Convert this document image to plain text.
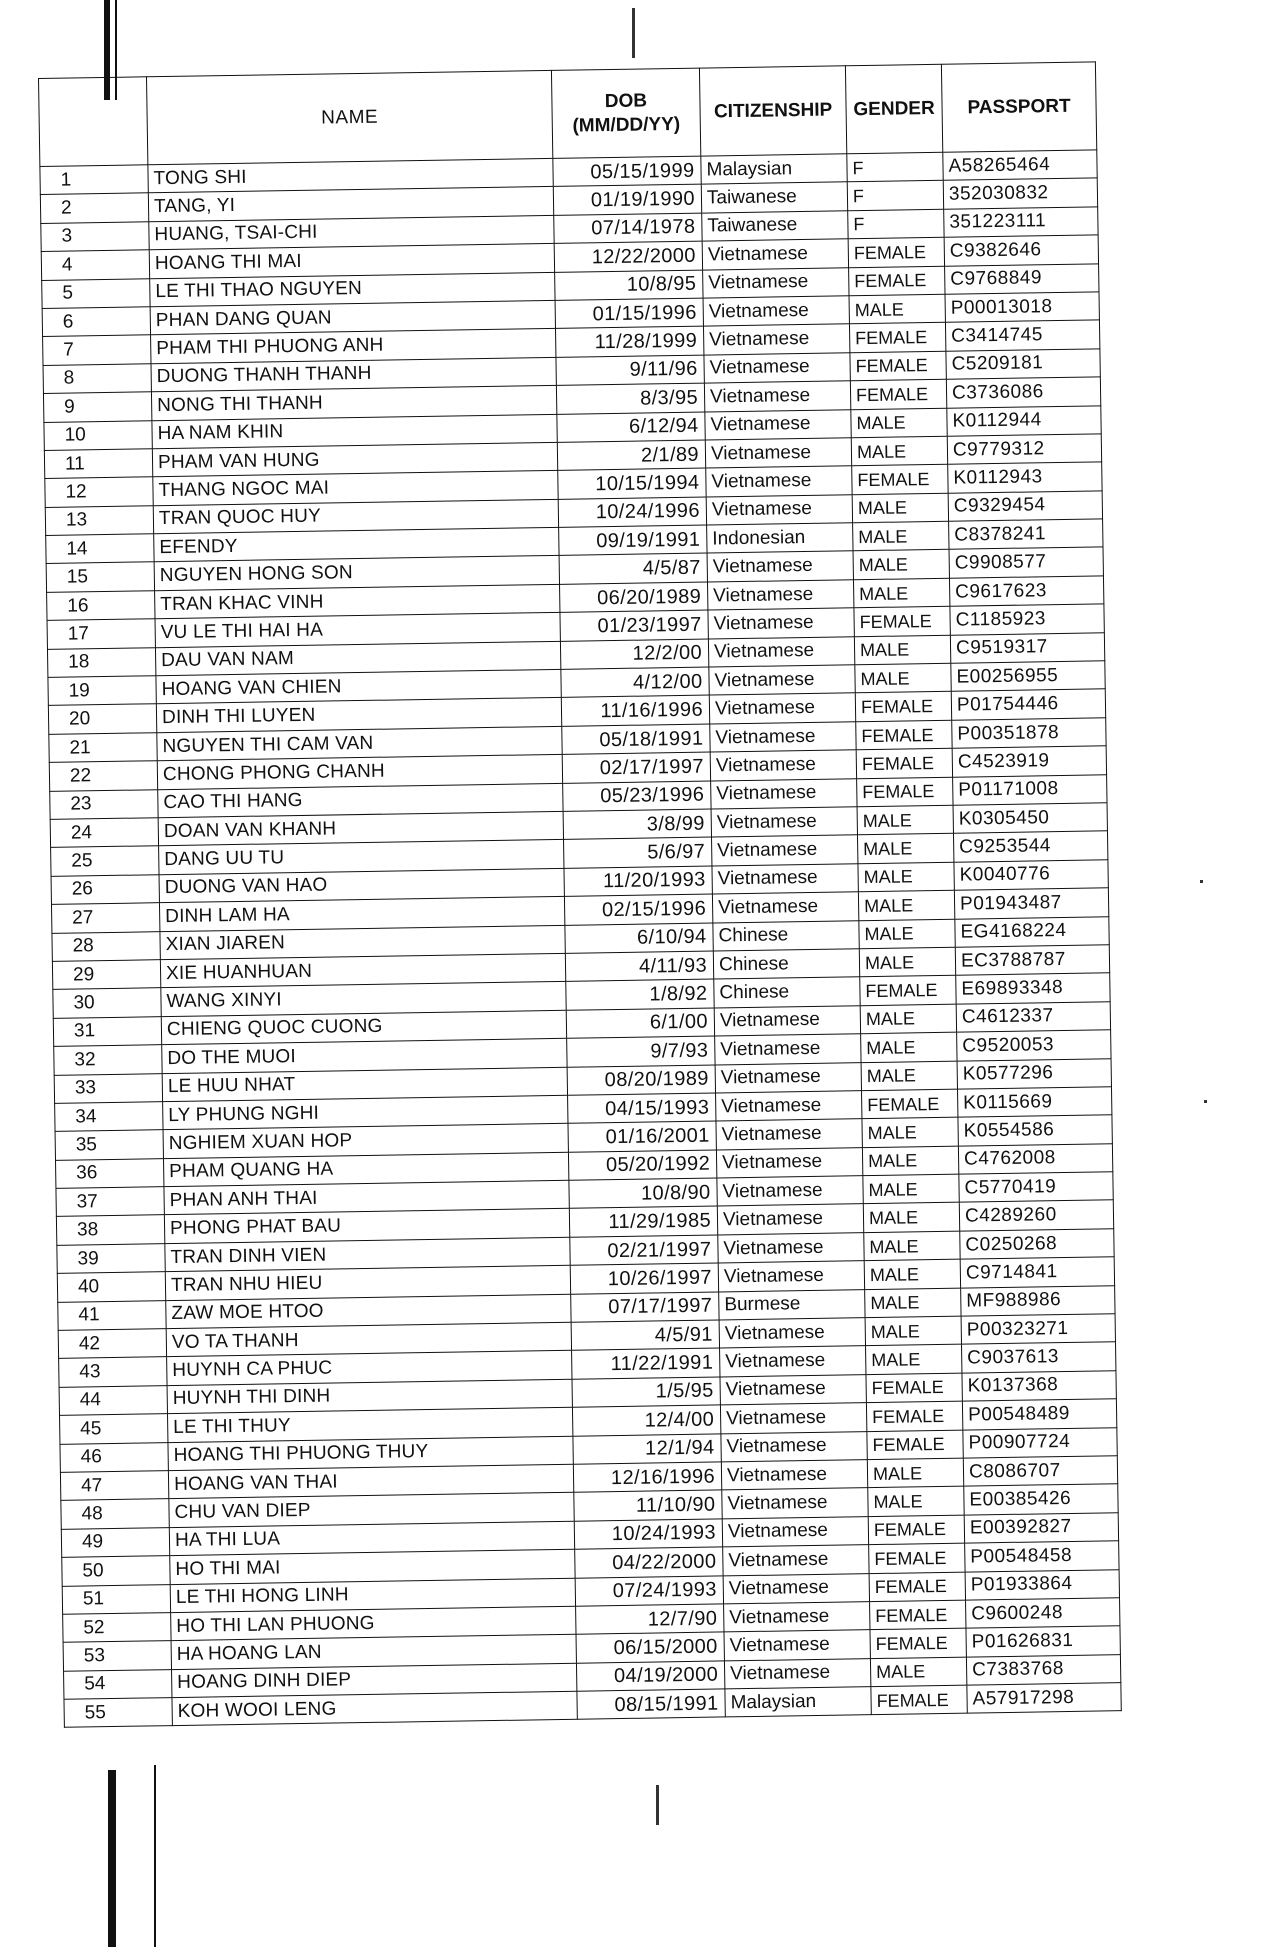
	NAME	DOB (MM/DD/YY)	CITIZENSHIP	GENDER	PASSPORT
1	TONG SHI	05/15/1999	Malaysian	F	A58265464
2	TANG, YI	01/19/1990	Taiwanese	F	352030832
3	HUANG, TSAI-CHI	07/14/1978	Taiwanese	F	351223111
4	HOANG THI MAI	12/22/2000	Vietnamese	FEMALE	C9382646
5	LE THI THAO NGUYEN	10/8/95	Vietnamese	FEMALE	C9768849
6	PHAN DANG QUAN	01/15/1996	Vietnamese	MALE	P00013018
7	PHAM THI PHUONG ANH	11/28/1999	Vietnamese	FEMALE	C3414745
8	DUONG THANH THANH	9/11/96	Vietnamese	FEMALE	C5209181
9	NONG THI THANH	8/3/95	Vietnamese	FEMALE	C3736086
10	HA NAM KHIN	6/12/94	Vietnamese	MALE	K0112944
11	PHAM VAN HUNG	2/1/89	Vietnamese	MALE	C9779312
12	THANG NGOC MAI	10/15/1994	Vietnamese	FEMALE	K0112943
13	TRAN QUOC HUY	10/24/1996	Vietnamese	MALE	C9329454
14	EFENDY	09/19/1991	Indonesian	MALE	C8378241
15	NGUYEN HONG SON	4/5/87	Vietnamese	MALE	C9908577
16	TRAN KHAC VINH	06/20/1989	Vietnamese	MALE	C9617623
17	VU LE THI HAI HA	01/23/1997	Vietnamese	FEMALE	C1185923
18	DAU VAN NAM	12/2/00	Vietnamese	MALE	C9519317
19	HOANG VAN CHIEN	4/12/00	Vietnamese	MALE	E00256955
20	DINH THI LUYEN	11/16/1996	Vietnamese	FEMALE	P01754446
21	NGUYEN THI CAM VAN	05/18/1991	Vietnamese	FEMALE	P00351878
22	CHONG PHONG CHANH	02/17/1997	Vietnamese	FEMALE	C4523919
23	CAO THI HANG	05/23/1996	Vietnamese	FEMALE	P01171008
24	DOAN VAN KHANH	3/8/99	Vietnamese	MALE	K0305450
25	DANG UU TU	5/6/97	Vietnamese	MALE	C9253544
26	DUONG VAN HAO	11/20/1993	Vietnamese	MALE	K0040776
27	DINH LAM HA	02/15/1996	Vietnamese	MALE	P01943487
28	XIAN JIAREN	6/10/94	Chinese	MALE	EG4168224
29	XIE HUANHUAN	4/11/93	Chinese	MALE	EC3788787
30	WANG XINYI	1/8/92	Chinese	FEMALE	E69893348
31	CHIENG QUOC CUONG	6/1/00	Vietnamese	MALE	C4612337
32	DO THE MUOI	9/7/93	Vietnamese	MALE	C9520053
33	LE HUU NHAT	08/20/1989	Vietnamese	MALE	K0577296
34	LY PHUNG NGHI	04/15/1993	Vietnamese	FEMALE	K0115669
35	NGHIEM XUAN HOP	01/16/2001	Vietnamese	MALE	K0554586
36	PHAM QUANG HA	05/20/1992	Vietnamese	MALE	C4762008
37	PHAN ANH THAI	10/8/90	Vietnamese	MALE	C5770419
38	PHONG PHAT BAU	11/29/1985	Vietnamese	MALE	C4289260
39	TRAN DINH VIEN	02/21/1997	Vietnamese	MALE	C0250268
40	TRAN NHU HIEU	10/26/1997	Vietnamese	MALE	C9714841
41	ZAW MOE HTOO	07/17/1997	Burmese	MALE	MF988986
42	VO TA THANH	4/5/91	Vietnamese	MALE	P00323271
43	HUYNH CA PHUC	11/22/1991	Vietnamese	MALE	C9037613
44	HUYNH THI DINH	1/5/95	Vietnamese	FEMALE	K0137368
45	LE THI THUY	12/4/00	Vietnamese	FEMALE	P00548489
46	HOANG THI PHUONG THUY	12/1/94	Vietnamese	FEMALE	P00907724
47	HOANG VAN THAI	12/16/1996	Vietnamese	MALE	C8086707
48	CHU VAN DIEP	11/10/90	Vietnamese	MALE	E00385426
49	HA THI LUA	10/24/1993	Vietnamese	FEMALE	E00392827
50	HO THI MAI	04/22/2000	Vietnamese	FEMALE	P00548458
51	LE THI HONG LINH	07/24/1993	Vietnamese	FEMALE	P01933864
52	HO THI LAN PHUONG	12/7/90	Vietnamese	FEMALE	C9600248
53	HA HOANG LAN	06/15/2000	Vietnamese	FEMALE	P01626831
54	HOANG DINH DIEP	04/19/2000	Vietnamese	MALE	C7383768
55	KOH WOOI LENG	08/15/1991	Malaysian	FEMALE	A57917298
